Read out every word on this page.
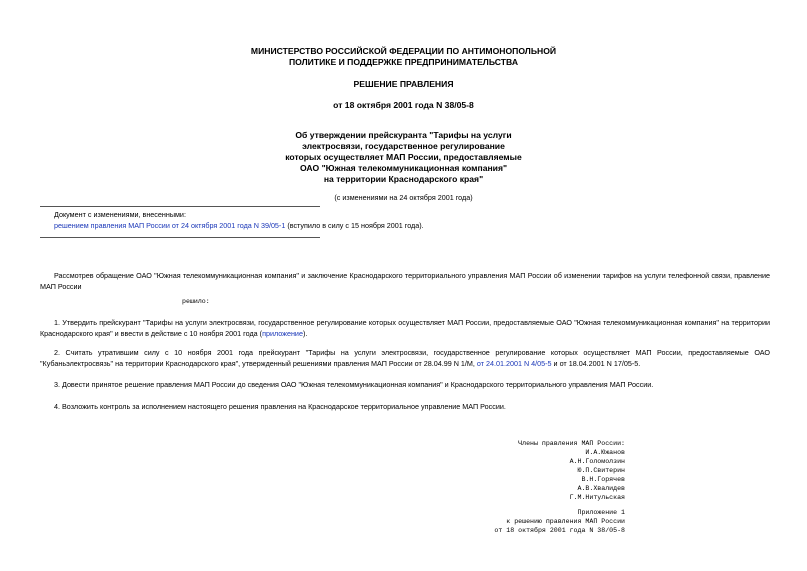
МИНИСТЕРСТВО РОССИЙСКОЙ ФЕДЕРАЦИИ ПО АНТИМОНОПОЛЬНОЙ
ПОЛИТИКЕ И ПОДДЕРЖКЕ ПРЕДПРИНИМАТЕЛЬСТВА
РЕШЕНИЕ ПРАВЛЕНИЯ
от 18 октября 2001 года N 38/05-8
Об утверждении прейскуранта "Тарифы на услуги
электросвязи, государственное регулирование
которых осуществляет МАП России, предоставляемые
ОАО "Южная телекоммуникационная компания"
на территории Краснодарского края"
(с изменениями на 24 октября 2001 года)
Документ с изменениями, внесенными:
решением правления МАП России от 24 октября 2001 года N 39/05-1 (вступило в силу с 15 ноября 2001 года).
Рассмотрев обращение ОАО "Южная телекоммуникационная компания" и заключение Краснодарского территориального управления МАП России об изменении тарифов на услуги телефонной связи, правление МАП России
решило:
1. Утвердить прейскурант "Тарифы на услуги электросвязи, государственное регулирование которых осуществляет МАП России, предоставляемые ОАО "Южная телекоммуникационная компания" на территории Краснодарского края" и ввести в действие с 10 ноября 2001 года (приложение).
2. Считать утратившим силу с 10 ноября 2001 года прейскурант "Тарифы на услуги электросвязи, государственное регулирование которых осуществляет МАП России, предоставляемые ОАО "Кубаньэлектросвязь" на территории Краснодарского края", утвержденный решениями правления МАП России от 28.04.99 N 1/М, от 24.01.2001 N 4/05-5 и от 18.04.2001 N 17/05-5.
3. Довести принятое решение правления МАП России до сведения ОАО "Южная телекоммуникационная компания" и Краснодарского территориального управления МАП России.
4. Возложить контроль за исполнением настоящего решения правления на Краснодарское территориальное управление МАП России.
Члены правления МАП России:
И.А.Южанов
А.Н.Голомолзин
Ю.П.Свитерин
В.Н.Горячев
А.В.Хвалидев
Г.М.Нитульская
Приложение 1
к решению правления МАП России
от 18 октября 2001 года N 38/05-8
